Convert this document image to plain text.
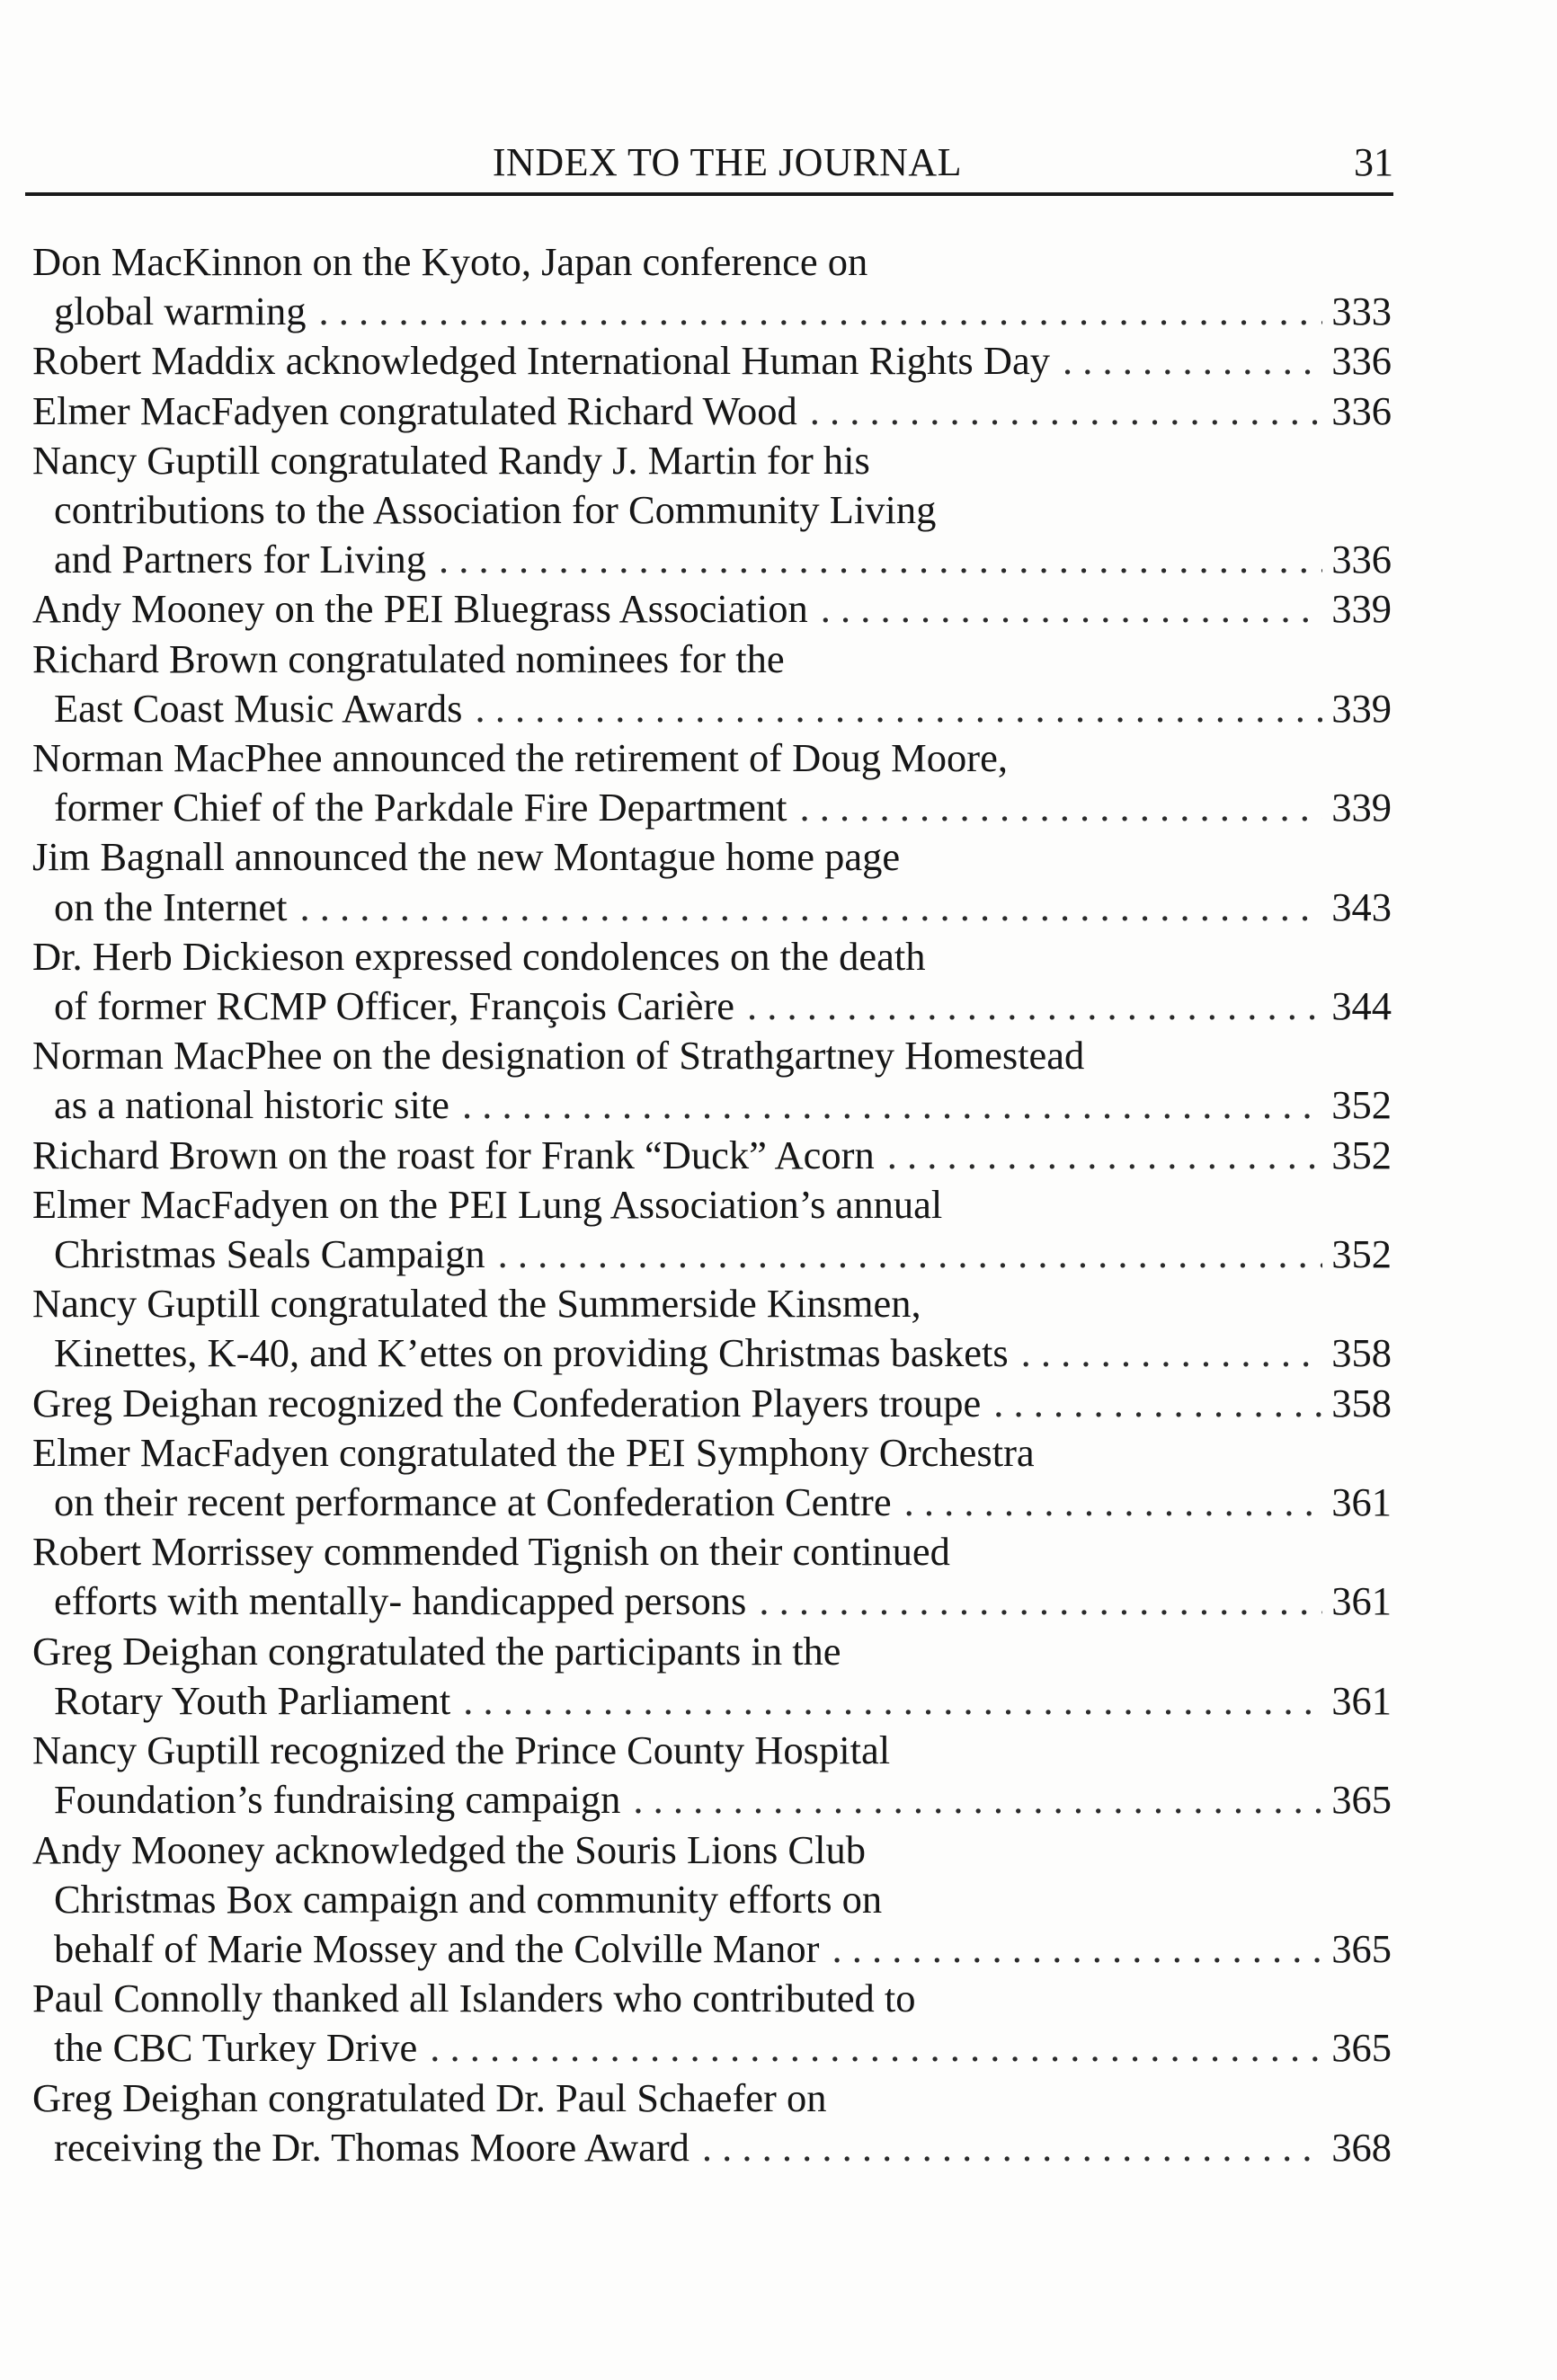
INDEX TO THE JOURNAL	31
Don MacKinnon on the Kyoto, Japan conference on
global warming . . .	333
Robert Maddix acknowledged International Human Rights Day . . .	336
Elmer MacFadyen congratulated Richard Wood . . .	336
Nancy Guptill congratulated Randy J. Martin for his
contributions to the Association for Community Living
and Partners for Living . . .	336
Andy Mooney on the PEI Bluegrass Association . . .	339
Richard Brown congratulated nominees for the
East Coast Music Awards . . .	339
Norman MacPhee announced the retirement of Doug Moore,
former Chief of the Parkdale Fire Department . . .	339
Jim Bagnall announced the new Montague home page
on the Internet . . .	343
Dr. Herb Dickieson expressed condolences on the death
of former RCMP Officer, François Carière . . .	344
Norman MacPhee on the designation of Strathgartney Homestead
as a national historic site . . .	352
Richard Brown on the roast for Frank “Duck” Acorn . . .	352
Elmer MacFadyen on the PEI Lung Association’s annual
Christmas Seals Campaign . . .	352
Nancy Guptill congratulated the Summerside Kinsmen,
Kinettes, K-40, and K’ettes on providing Christmas baskets . . .	358
Greg Deighan recognized the Confederation Players troupe . . .	358
Elmer MacFadyen congratulated the PEI Symphony Orchestra
on their recent performance at Confederation Centre . . .	361
Robert Morrissey commended Tignish on their continued
efforts with mentally- handicapped persons . . .	361
Greg Deighan congratulated the participants in the
Rotary Youth Parliament . . .	361
Nancy Guptill recognized the Prince County Hospital
Foundation’s fundraising campaign . . .	365
Andy Mooney acknowledged the Souris Lions Club
Christmas Box campaign and community efforts on
behalf of Marie Mossey and the Colville Manor . . .	365
Paul Connolly thanked all Islanders who contributed to
the CBC Turkey Drive . . .	365
Greg Deighan congratulated Dr. Paul Schaefer on
receiving the Dr. Thomas Moore Award . . .	368
